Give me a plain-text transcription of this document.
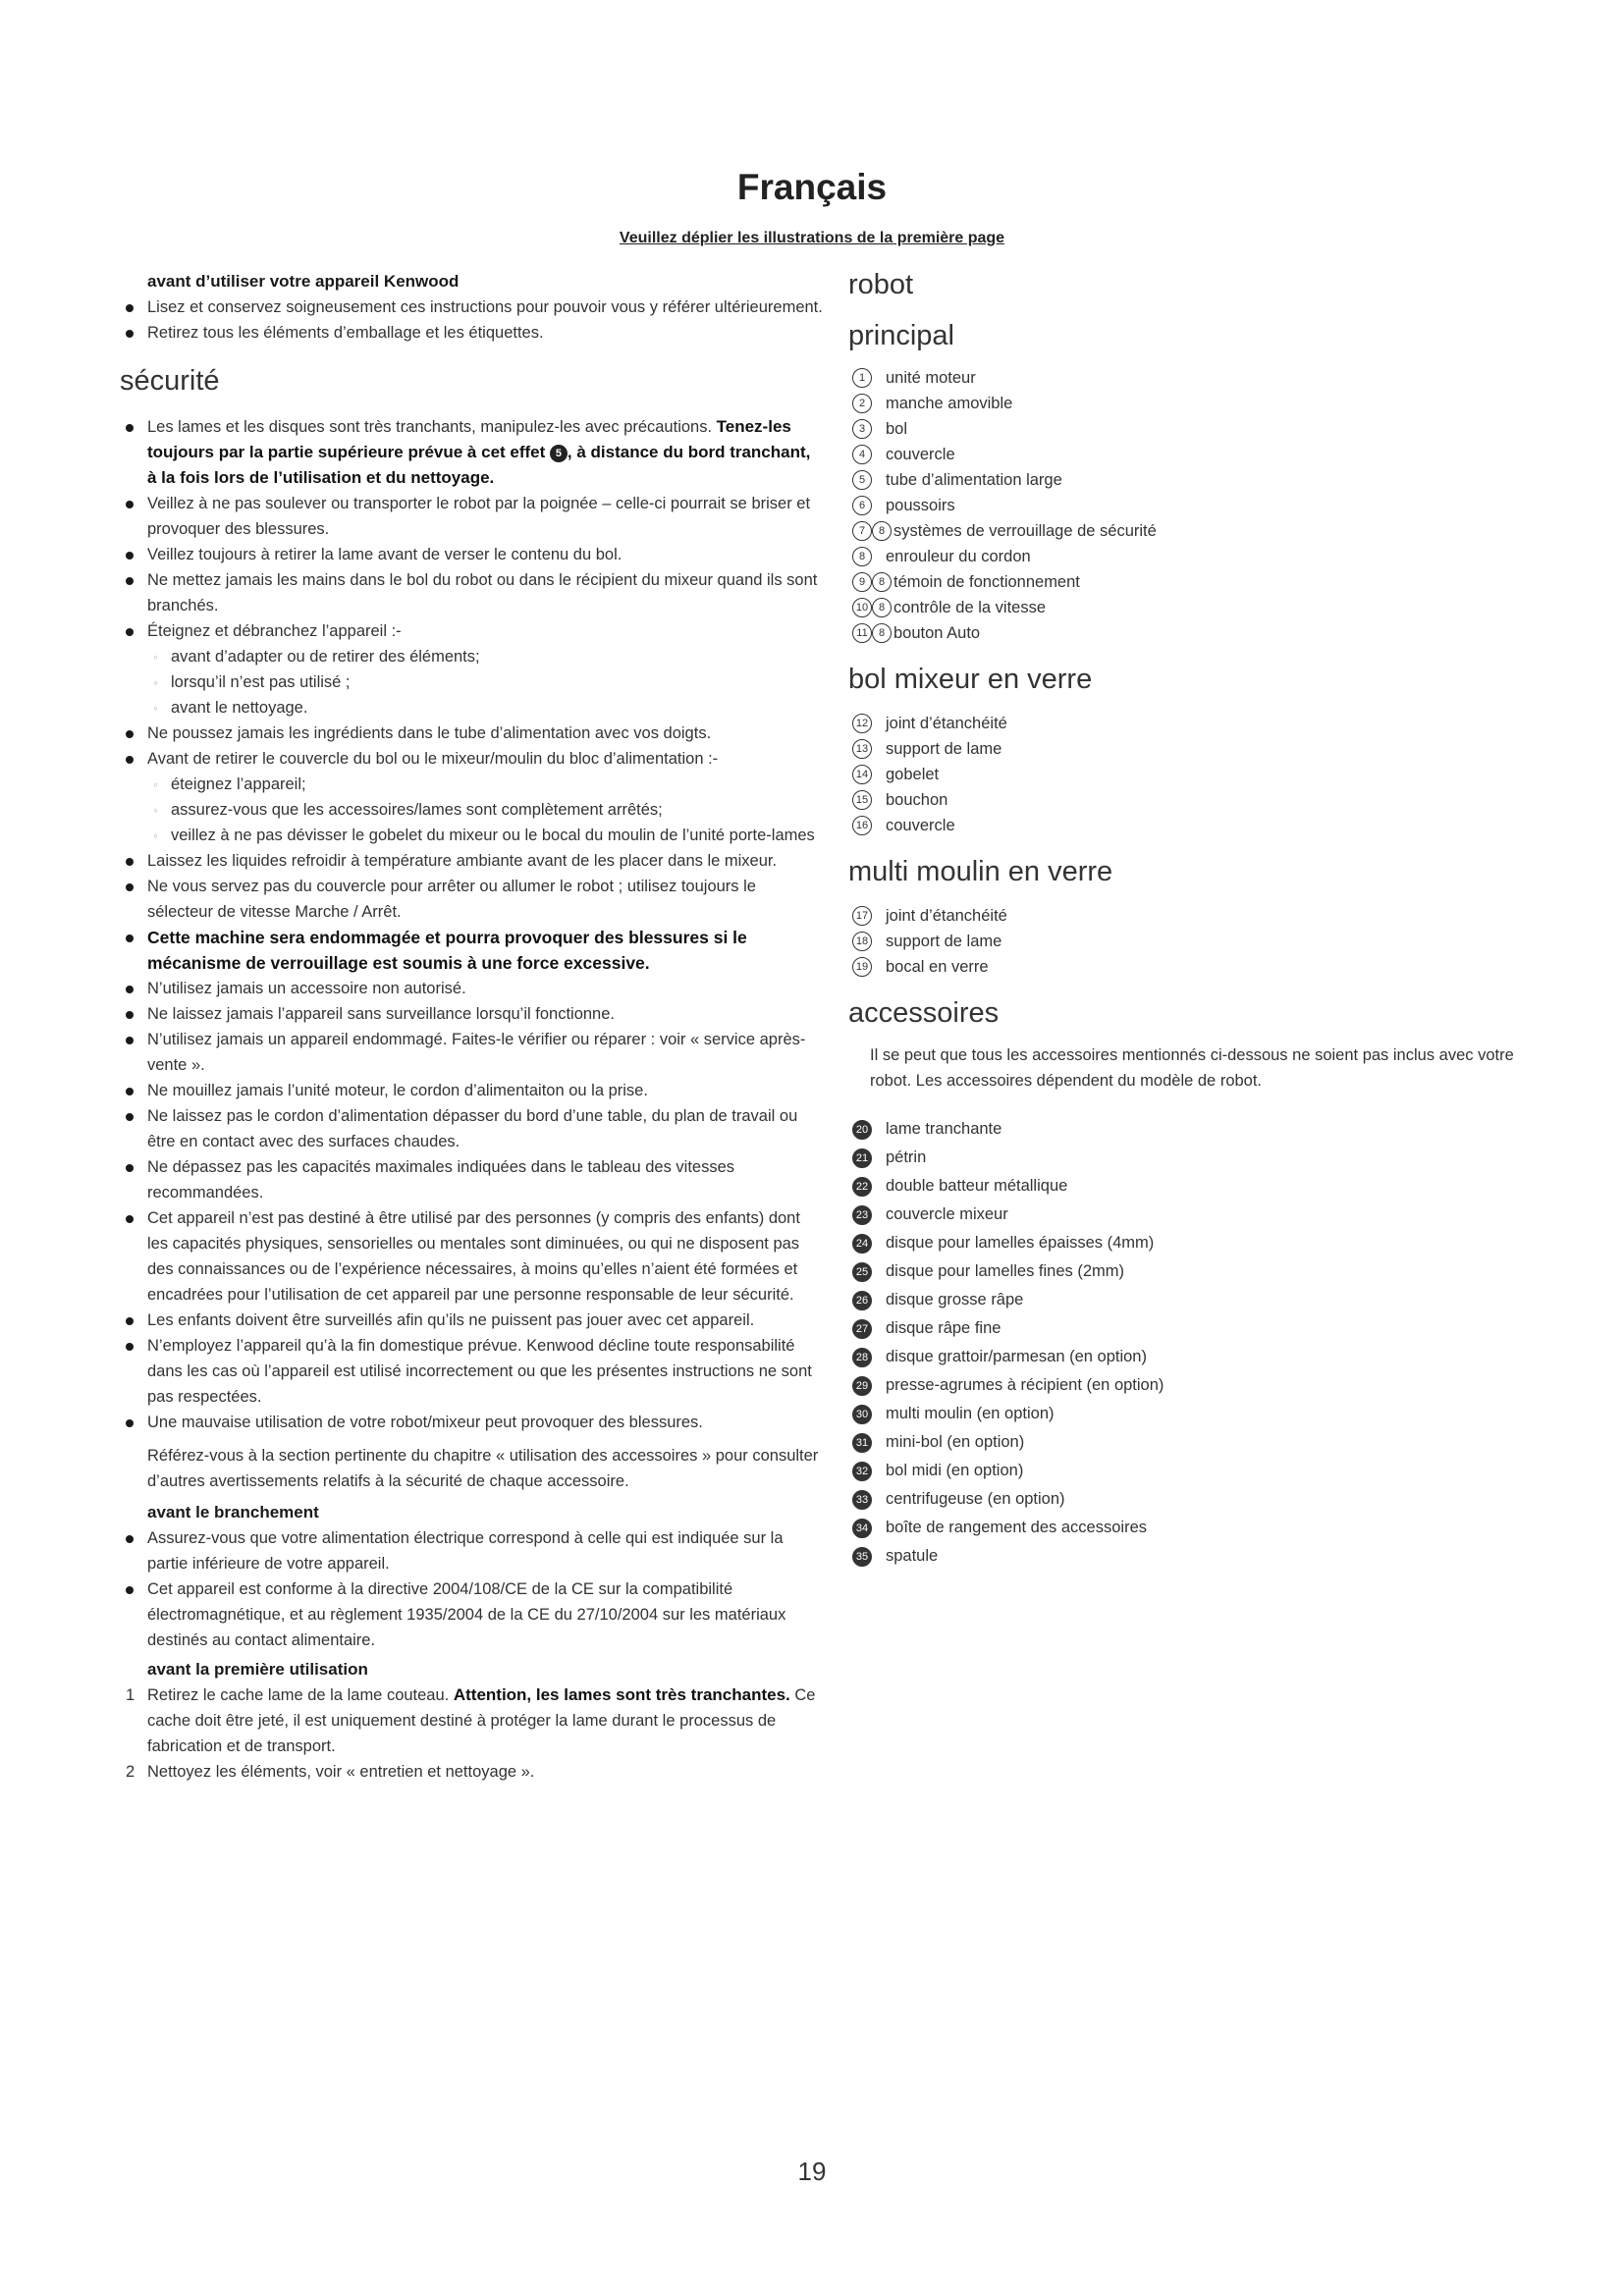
Français
Veuillez déplier les illustrations de la première page
avant d’utiliser votre appareil Kenwood
Lisez et conservez soigneusement ces instructions pour pouvoir vous y référer ultérieurement.
Retirez tous les éléments d’emballage et les étiquettes.
sécurité
Les lames et les disques sont très tranchants, manipulez-les avec précautions. Tenez-les toujours par la partie supérieure prévue à cet effet 5 , à distance du bord tranchant, à la fois lors de l’utilisation et du nettoyage.
Veillez à ne pas soulever ou transporter le robot par la poignée – celle-ci pourrait se briser et provoquer des blessures.
Veillez toujours à retirer la lame avant de verser le contenu du bol.
Ne mettez jamais les mains dans le bol du robot ou dans le récipient du mixeur quand ils sont branchés.
Éteignez et débranchez l’appareil :-
◦ avant d’adapter ou de retirer des éléments;
◦ lorsqu’il n’est pas utilisé ;
◦ avant le nettoyage.
Ne poussez jamais les ingrédients dans le tube d’alimentation avec vos doigts.
Avant de retirer le couvercle du bol ou le mixeur/moulin du bloc d’alimentation :-
◦ éteignez l’appareil;
◦ assurez-vous que les accessoires/lames sont complètement arrêtés;
◦ veillez à ne pas dévisser le gobelet du mixeur ou le bocal du moulin de l’unité porte-lames
Laissez les liquides refroidir à température ambiante avant de les placer dans le mixeur.
Ne vous servez pas du couvercle pour arrêter ou allumer le robot ; utilisez toujours le sélecteur de vitesse Marche / Arrêt.
Cette machine sera endommagée et pourra provoquer des blessures si le mécanisme de verrouillage est soumis à une force excessive.
N’utilisez jamais un accessoire non autorisé.
Ne laissez jamais l’appareil sans surveillance lorsqu’il fonctionne.
N’utilisez jamais un appareil endommagé. Faites-le vérifier ou réparer : voir « service après-vente ».
Ne mouillez jamais l’unité moteur, le cordon d’alimentaiton ou la prise.
Ne laissez pas le cordon d’alimentation dépasser du bord d’une table, du plan de travail ou être en contact avec des surfaces chaudes.
Ne dépassez pas les capacités maximales indiquées dans le tableau des vitesses recommandées.
Cet appareil n’est pas destiné à être utilisé par des personnes (y compris des enfants) dont les capacités physiques, sensorielles ou mentales sont diminuées, ou qui ne disposent pas des connaissances ou de l’expérience nécessaires, à moins qu’elles n’aient été formées et encadrées pour l’utilisation de cet appareil par une personne responsable de leur sécurité.
Les enfants doivent être surveillés afin qu’ils ne puissent pas jouer avec cet appareil.
N’employez l’appareil qu’à la fin domestique prévue. Kenwood décline toute responsabilité dans les cas où l’appareil est utilisé incorrectement ou que les présentes instructions ne sont pas respectées.
Une mauvaise utilisation de votre robot/mixeur peut provoquer des blessures.
Référez-vous à la section pertinente du chapitre « utilisation des accessoires » pour consulter d’autres avertissements relatifs à la sécurité de chaque accessoire.
avant le branchement
Assurez-vous que votre alimentation électrique correspond à celle qui est indiquée sur la partie inférieure de votre appareil.
Cet appareil est conforme à la directive 2004/108/CE de la CE sur la compatibilité électromagnétique, et au règlement 1935/2004 de la CE du 27/10/2004 sur les matériaux destinés au contact alimentaire.
avant la première utilisation
1 Retirez le cache lame de la lame couteau. Attention, les lames sont très tranchantes. Ce cache doit être jeté, il est uniquement destiné à protéger la lame durant le processus de fabrication et de transport.
2 Nettoyez les éléments, voir « entretien et nettoyage ».
robot
principal
1	unité moteur
2	manche amovible
3	bol
4	couvercle
5	tube d’alimentation large
6	poussoirs
7	8 systèmes de verrouillage de sécurité
8	enrouleur du cordon
9	8 témoin de fonctionnement
10 8 contrôle de la vitesse
11	8 bouton Auto
bol mixeur en verre
12 joint d’étanchéité
13 support de lame
14 gobelet
15 bouchon
16 couvercle
multi moulin en verre
17 joint d’étanchéité
18 support de lame
19 bocal en verre
accessoires
Il se peut que tous les accessoires mentionnés ci-dessous ne soient pas inclus avec votre robot. Les accessoires dépendent du modèle de robot.
20 lame tranchante
21 pétrin
22 double batteur métallique
23 couvercle mixeur
24 disque pour lamelles épaisses (4mm)
25 disque pour lamelles fines (2mm)
26 disque grosse râpe
27 disque râpe fine
28 disque grattoir/parmesan (en option)
29 presse-agrumes à récipient (en option)
30 multi moulin (en option)
31 mini-bol (en option)
32 bol midi (en option)
33 centrifugeuse (en option)
34 boîte de rangement des accessoires
35 spatule
19
